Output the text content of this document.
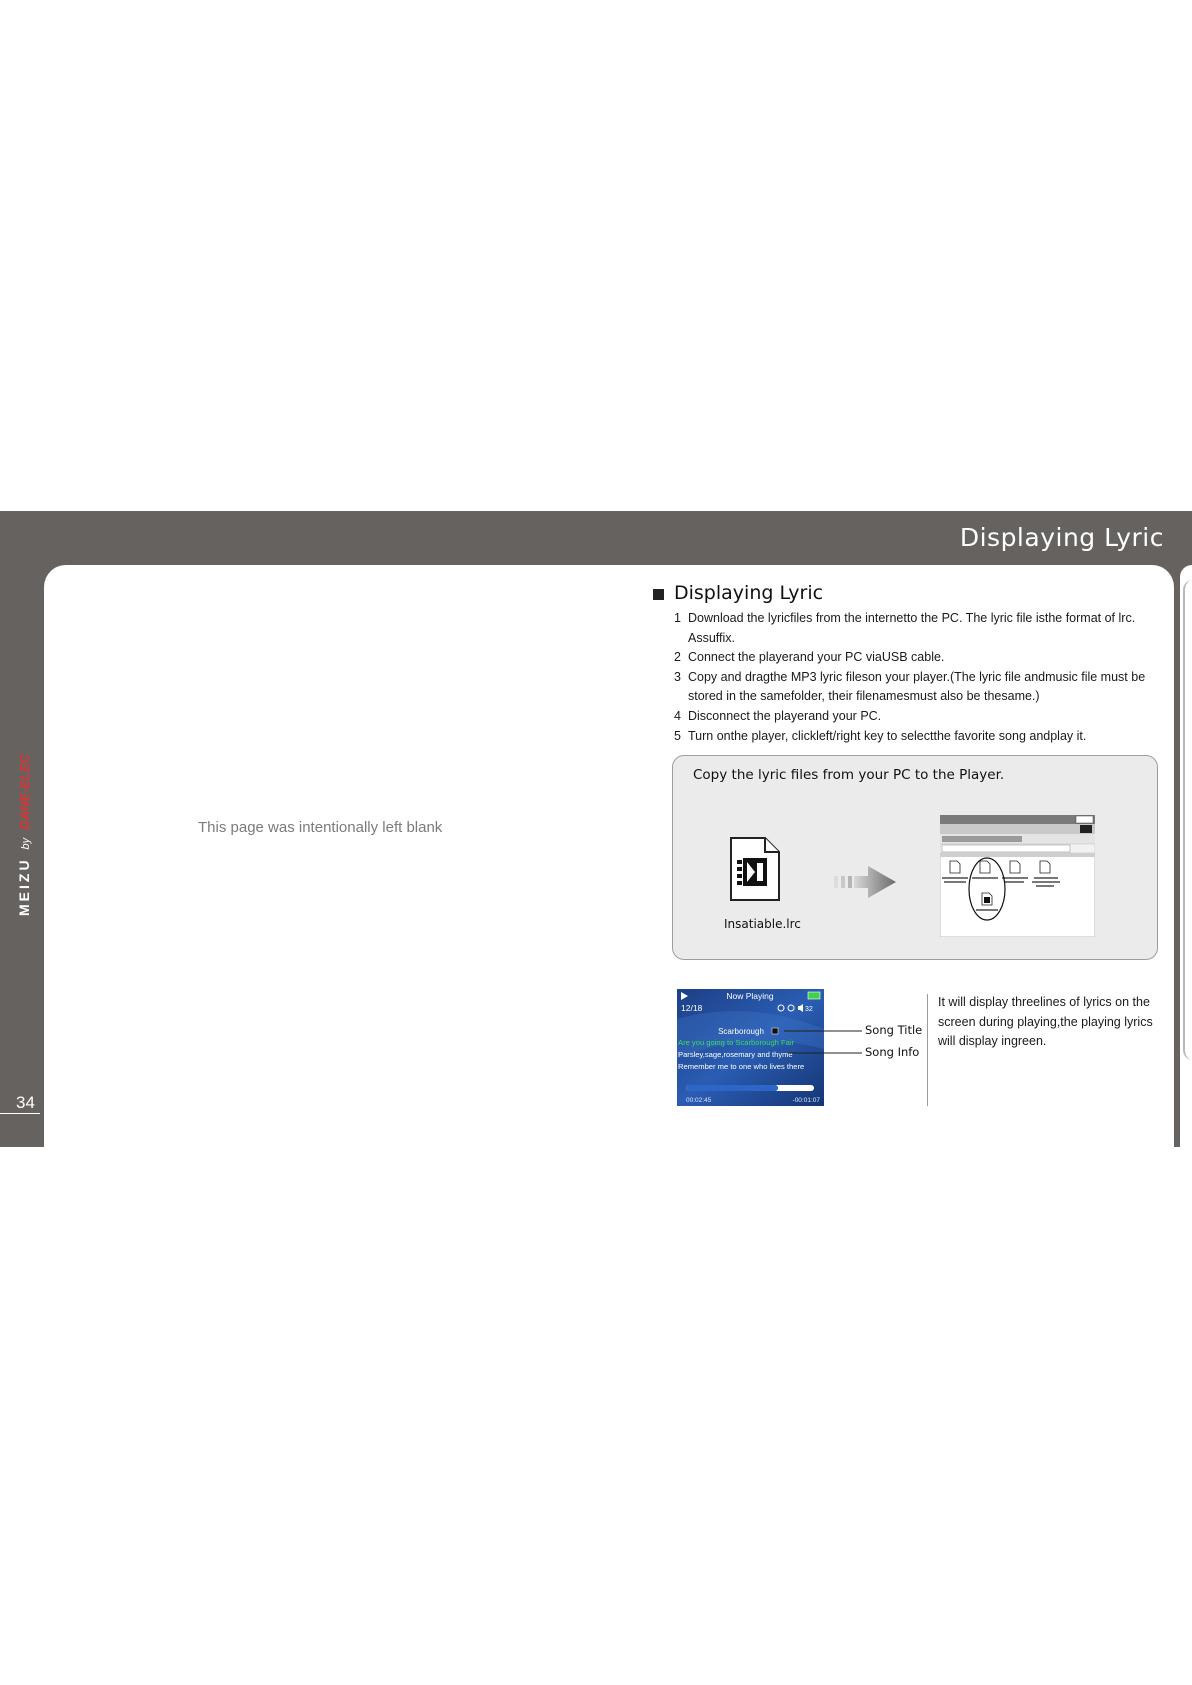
Displaying Lyric
MEIZUbyDANE-ELEC
34	3
This page was intentionally left blank
Displaying Lyric
1 Download the lyricfiles from the internetto the PC. The lyric file isthe format of lrc. Assuffix.
2 Connect the playerand your PC viaUSB cable.
3 Copy and dragthe MP3 lyric fileson your player.(The lyric file andmusic file must be stored in the samefolder, their filenamesmust also be thesame.)
4 Disconnect the playerand your PC.
5 Turn onthe player, clickleft/right key to selectthe favorite song andplay it.
Copy the lyric files from your PC to the Player.
Insatiable.lrc
Now Playing
12/18	32
Scarborough
Are you going to Scarborough Fair
Parsley,sage,rosemary and thyme
Remember me to one who lives there
00:02:45	-00:01:07
Song Title
Song Info
It will display threelines of lyrics on the screen during playing,the playing lyrics will display ingreen.
